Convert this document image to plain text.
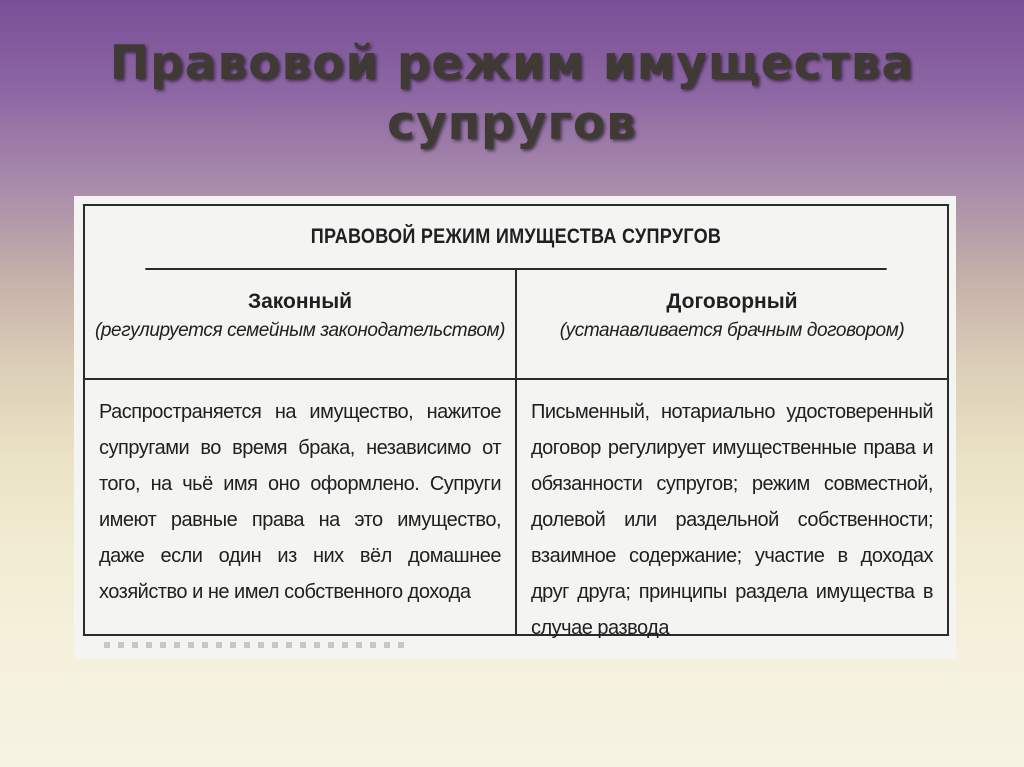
Правовой режим имущества
супругов
ПРАВОВОЙ РЕЖИМ ИМУЩЕСТВА СУПРУГОВ
Законный
(регулируется семейным законодательством)
Договорный
(устанавливается брачным договором)
Распространяется на имущество, нажитое супругами во время брака, независимо от того, на чьё имя оно оформлено. Супруги имеют равные права на это имущество, даже если один из них вёл домашнее хозяйство и не имел собственного дохода
Письменный, нотариально удостоверенный договор регулирует имущественные права и обязанности супругов; режим совместной, долевой или раздельной собственности; взаимное содержание; участие в доходах друг друга; принципы раздела имущества в случае развода
